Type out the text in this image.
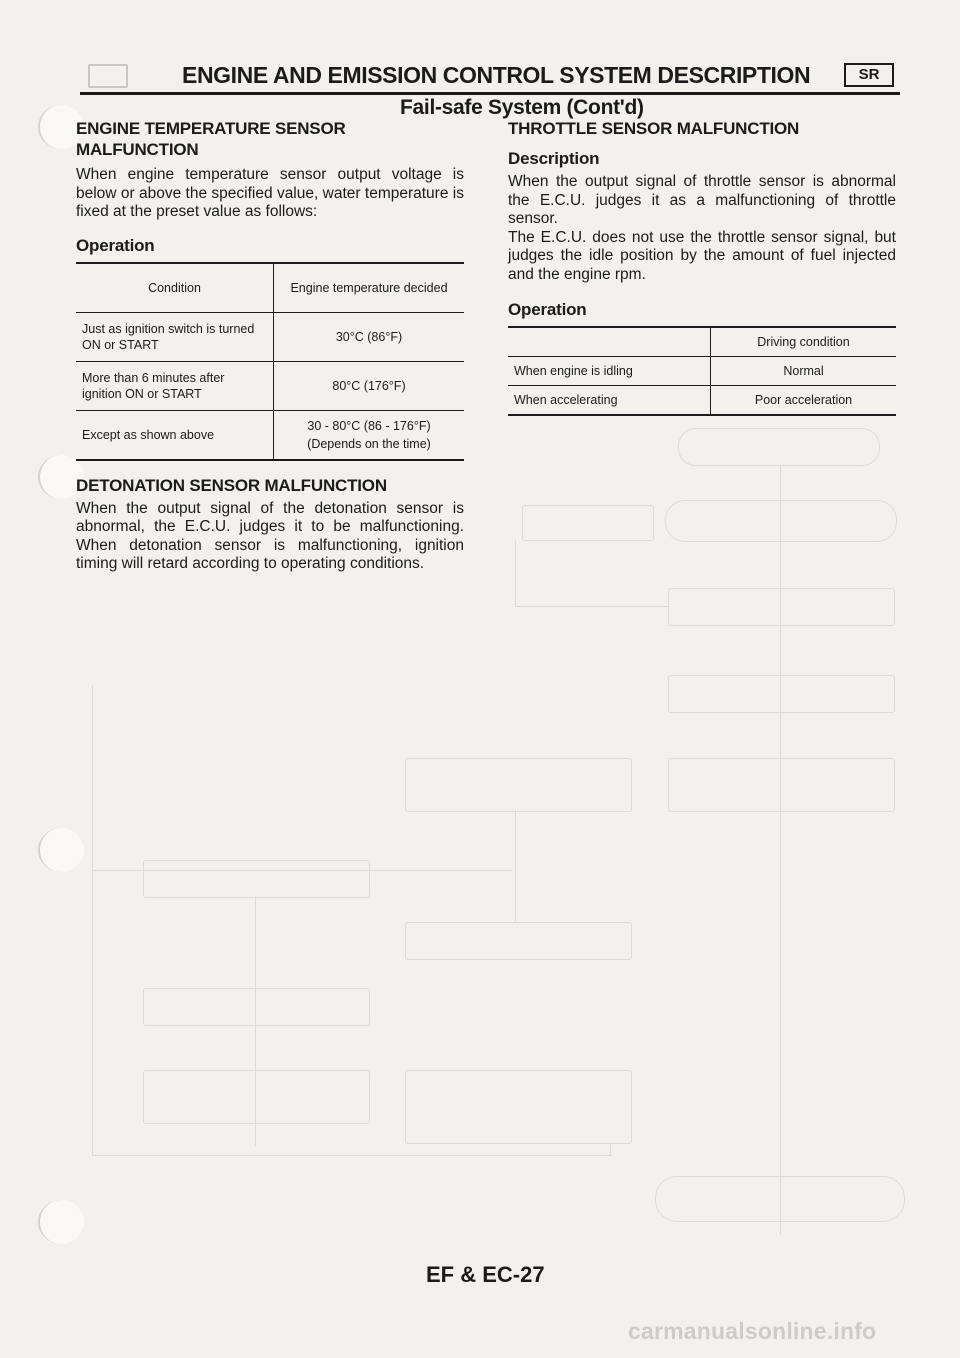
ENGINE AND EMISSION CONTROL SYSTEM DESCRIPTION	SR
Fail-safe System (Cont'd)
ENGINE TEMPERATURE SENSOR
MALFUNCTION
When engine temperature sensor output voltage is below or above the specified value, water temperature is fixed at the preset value as follows:
Operation
Condition	Engine temperature decided
Just as ignition switch is turned ON or START	30°C (86°F)
More than 6 minutes after ignition ON or START	80°C (176°F)
Except as shown above	30 - 80°C (86 - 176°F)
(Depends on the time)
DETONATION SENSOR MALFUNCTION
When the output signal of the detonation sensor is abnormal, the E.C.U. judges it to be malfunctioning. When detonation sensor is malfunctioning, ignition timing will retard according to operating conditions.
THROTTLE SENSOR MALFUNCTION
Description
When the output signal of throttle sensor is abnormal the E.C.U. judges it as a malfunctioning of throttle sensor.
The E.C.U. does not use the throttle sensor signal, but judges the idle position by the amount of fuel injected and the engine rpm.
Operation
	Driving condition
When engine is idling	Normal
When accelerating	Poor acceleration
EF & EC-27
carmanualsonline.info
